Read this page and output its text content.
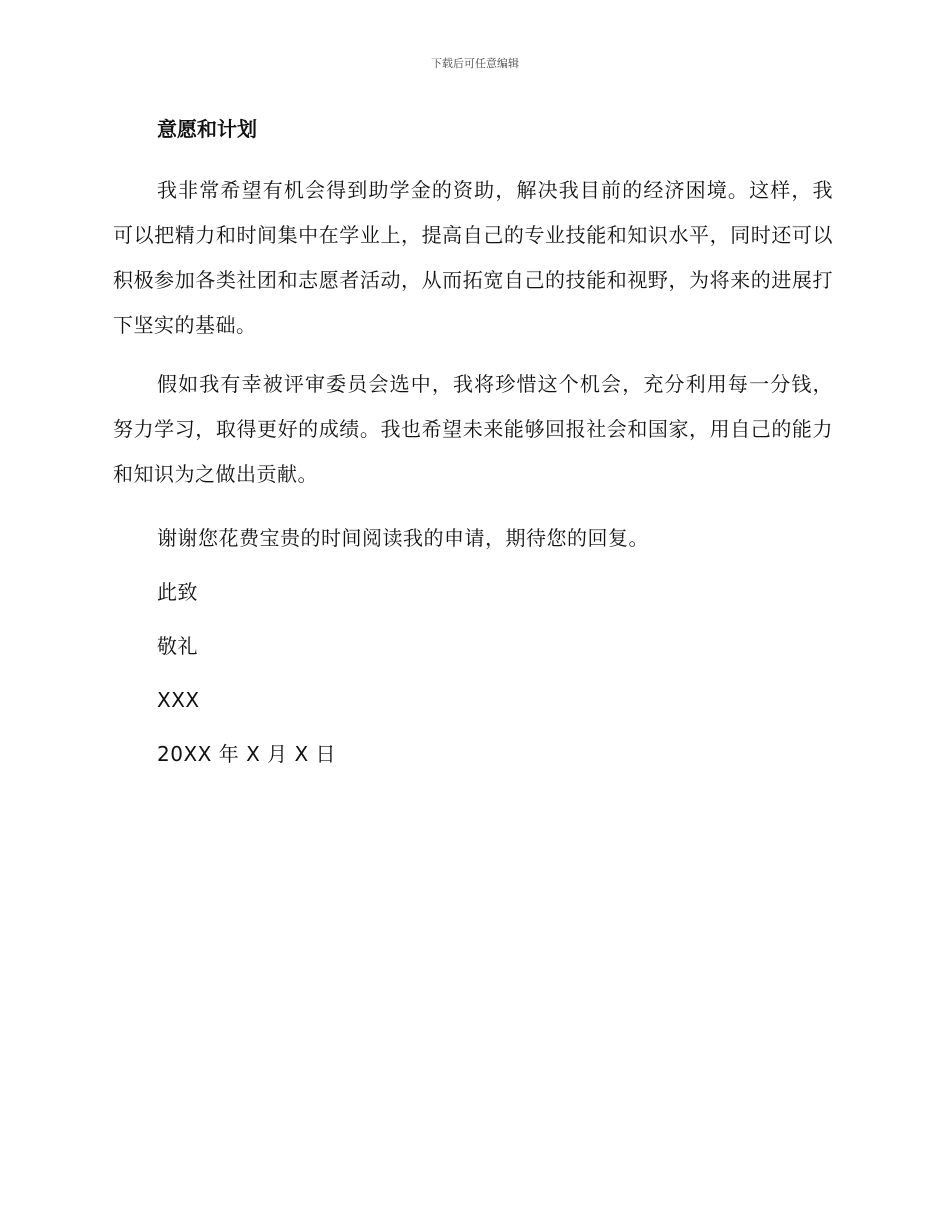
下载后可任意编辑
意愿和计划

我非常希望有机会得到助学金的资助，解决我目前的经济困境。这样，我可以把精力和时间集中在学业上，提高自己的专业技能和知识水平，同时还可以积极参加各类社团和志愿者活动，从而拓宽自己的技能和视野，为将来的进展打下坚实的基础。

假如我有幸被评审委员会选中，我将珍惜这个机会，充分利用每一分钱，努力学习，取得更好的成绩。我也希望未来能够回报社会和国家，用自己的能力和知识为之做出贡献。

谢谢您花费宝贵的时间阅读我的申请，期待您的回复。
此致
敬礼
XXX
20XX 年 X 月 X 日
